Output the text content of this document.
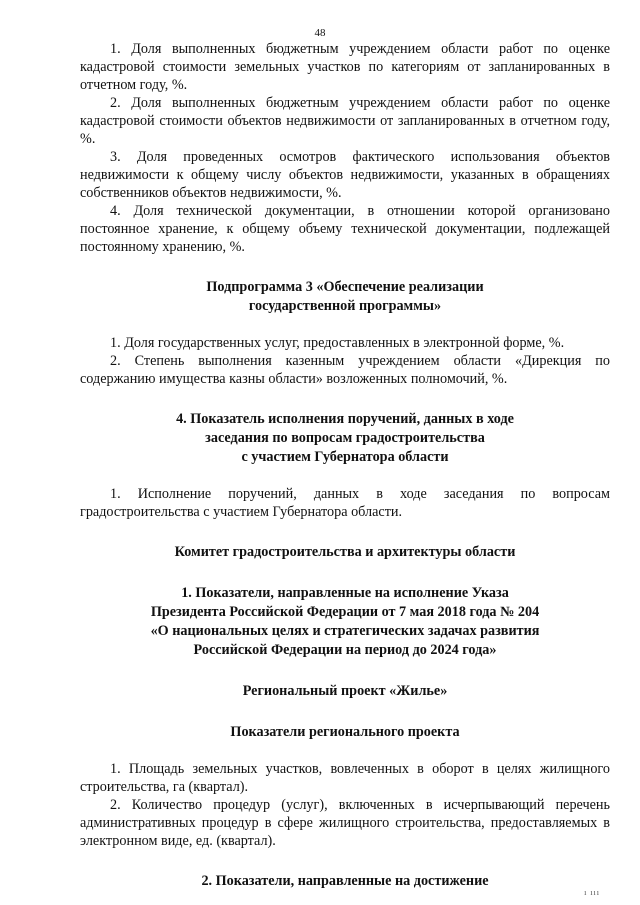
48

1. Доля выполненных бюджетным учреждением области работ по оценке кадастровой стоимости земельных участков по категориям от запланированных в отчетном году, %.

2. Доля выполненных бюджетным учреждением области работ по оценке кадастровой стоимости объектов недвижимости от запланированных в отчетном году, %.

3. Доля проведенных осмотров фактического использования объектов недвижимости к общему числу объектов недвижимости, указанных в обращениях собственников объектов недвижимости, %.

4. Доля технической документации, в отношении которой организовано постоянное хранение, к общему объему технической документации, подлежащей постоянному хранению, %.

Подпрограмма 3 «Обеспечение реализации
государственной программы»

1. Доля государственных услуг, предоставленных в электронной форме, %.

2. Степень выполнения казенным учреждением области «Дирекция по содержанию имущества казны области» возложенных полномочий, %.

4. Показатель исполнения поручений, данных в ходе
заседания по вопросам градостроительства
с участием Губернатора области

1. Исполнение поручений, данных в ходе заседания по вопросам градостроительства с участием Губернатора области.

Комитет градостроительства и архитектуры области
1. Показатели, направленные на исполнение Указа
Президента Российской Федерации от 7 мая 2018 года № 204
«О национальных целях и стратегических задачах развития
Российской Федерации на период до 2024 года»
Региональный проект «Жилье»
Показатели регионального проекта

1. Площадь земельных участков, вовлеченных в оборот в целях жилищного строительства, га (квартал).

2. Количество процедур (услуг), включенных в исчерпывающий перечень административных процедур в сфере жилищного строительства, предоставляемых в электронном виде, ед. (квартал).

2. Показатели, направленные на достижение
ı ııı
